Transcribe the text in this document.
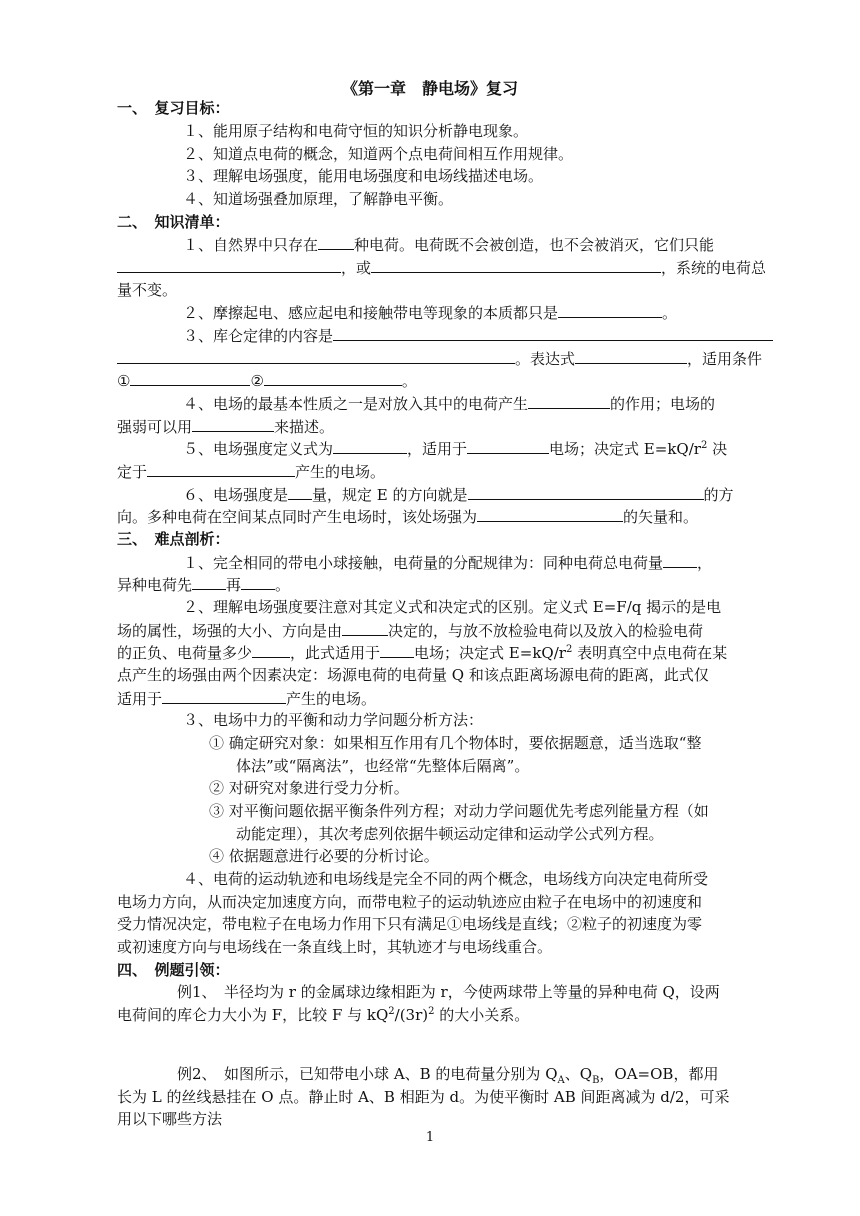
《第一章　静电场》复习
一、　复习目标：
１、能用原子结构和电荷守恒的知识分析静电现象。
２、知道点电荷的概念，知道两个点电荷间相互作用规律。
３、理解电场强度，能用电场强度和电场线描述电场。
４、知道场强叠加原理，了解静电平衡。
二、　知识清单：
１、自然界中只存在 种电荷。电荷既不会被创造，也不会被消灭，它们只能
，或	，系统的电荷总
量不变。
２、摩擦起电、感应起电和接触带电等现象的本质都只是	。
３、库仑定律的内容是
。表达式	，适用条件
①	②	。
４、电场的最基本性质之一是对放入其中的电荷产生	的作用；电场的
强弱可以用	来描述。
５、电场强度定义式为	，适用于	电场；决定式 $E=kQ/r^2$ 决
定于	产生的电场。
６、电场强度是 量，规定 E 的方向就是	的方
向。多种电荷在空间某点同时产生电场时，该处场强为	的矢量和。
三、　难点剖析：
１、完全相同的带电小球接触，电荷量的分配规律为：同种电荷总电荷量 ，
异种电荷先 再 。
２、理解电场强度要注意对其定义式和决定式的区别。定义式 E=F/q 揭示的是电
场的属性，场强的大小、方向是由	决定的，与放不放检验电荷以及放入的检验电荷
的正负、电荷量多少	，此式适用于 电场；决定式 $E=kQ/r^2$ 表明真空中点电荷在某
点产生的场强由两个因素决定：场源电荷的电荷量 Q 和该点距离场源电荷的距离，此式仅
适用于	产生的电场。
３、电场中力的平衡和动力学问题分析方法：
① 确定研究对象：如果相互作用有几个物体时，要依据题意，适当选取“整
体法”或“隔离法”，也经常“先整体后隔离”。
② 对研究对象进行受力分析。
③ 对平衡问题依据平衡条件列方程；对动力学问题优先考虑列能量方程（如
动能定理），其次考虑列依据牛顿运动定律和运动学公式列方程。
④ 依据题意进行必要的分析讨论。
４、电荷的运动轨迹和电场线是完全不同的两个概念，电场线方向决定电荷所受
电场力方向，从而决定加速度方向，而带电粒子的运动轨迹应由粒子在电场中的初速度和
受力情况决定，带电粒子在电场力作用下只有满足①电场线是直线；②粒子的初速度为零
或初速度方向与电场线在一条直线上时，其轨迹才与电场线重合。
四、　例题引领：
例1、　半径均为 r 的金属球边缘相距为 r，今使两球带上等量的异种电荷 Q，设两
电荷间的库仑力大小为 F，比较 F 与 $kQ^2/(3r)^2$ 的大小关系。
例2、　如图所示，已知带电小球 A、B 的电荷量分别为 $Q_A$、$Q_B$，OA=OB，都用
长为 L 的丝线悬挂在 O 点。静止时 A、B 相距为 d。为使平衡时 AB 间距离减为 d/2，可采
用以下哪些方法
1
